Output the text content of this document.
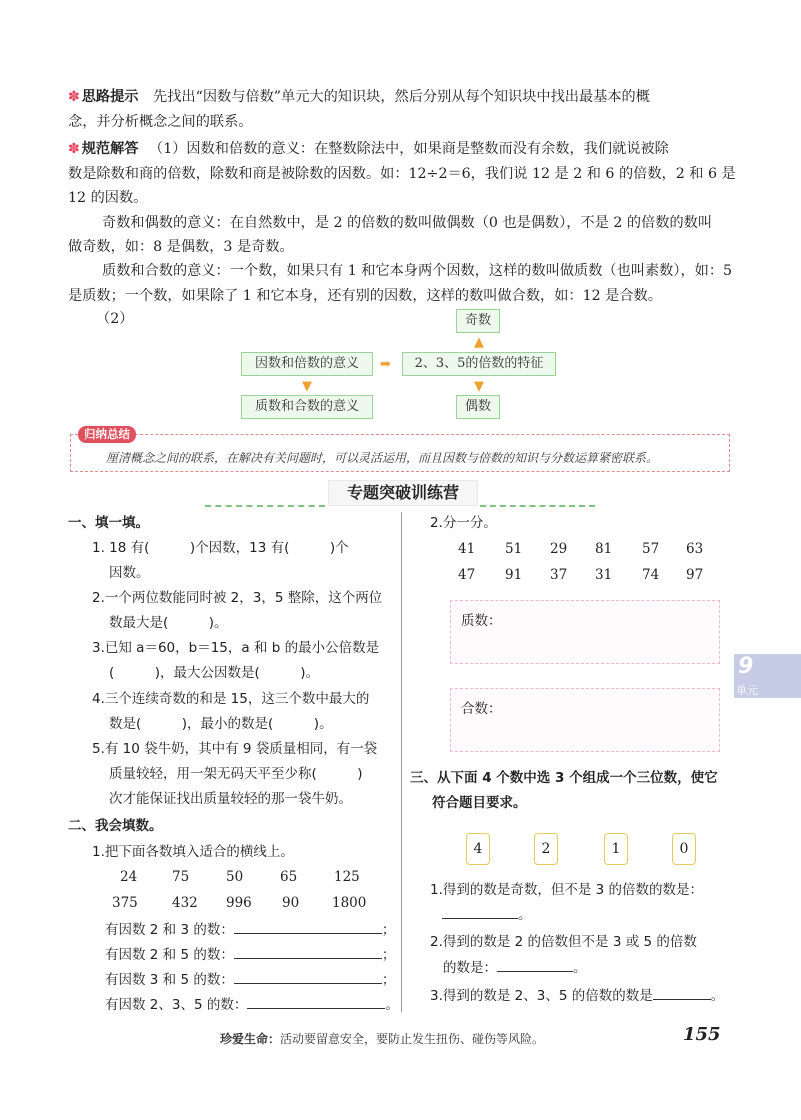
✽ 思路提示 先找出“因数与倍数”单元大的知识块，然后分别从每个知识块中找出最基本的概
念，并分析概念之间的联系。
✽ 规范解答 （1）因数和倍数的意义：在整数除法中，如果商是整数而没有余数，我们就说被除
数是除数和商的倍数，除数和商是被除数的因数。如：12÷2＝6，我们说 12 是 2 和 6 的倍数，2 和 6 是
12 的因数。
奇数和偶数的意义：在自然数中，是 2 的倍数的数叫做偶数（0 也是偶数），不是 2 的倍数的数叫
做奇数，如：8 是偶数，3 是奇数。
质数和合数的意义：一个数，如果只有 1 和它本身两个因数，这样的数叫做质数（也叫素数），如：5
是质数；一个数，如果除了 1 和它本身，还有别的因数，这样的数叫做合数，如：12 是合数。
（2）	奇数
▲
因数和倍数的意义	➡	2、3、5的倍数的特征
▼	▼
质数和合数的意义	偶数
归纳总结
厘清概念之间的联系，在解决有关问题时，可以灵活运用，而且因数与倍数的知识与分数运算紧密联系。
专题突破训练营
一、填一填。
1. 18 有(　　　)个因数，13 有(　　　)个
因数。
2.一个两位数能同时被 2，3，5 整除，这个两位
数最大是(　　　)。
3.已知 a＝60，b＝15，a 和 b 的最小公倍数是
(　　　)，最大公因数是(　　　)。
4.三个连续奇数的和是 15，这三个数中最大的
数是(　　　)，最小的数是(　　　)。
5.有 10 袋牛奶，其中有 9 袋质量相同，有一袋
质量较轻，用一架无码天平至少称(　　　)
次才能保证找出质量较轻的那一袋牛奶。
二、我会填数。
1.把下面各数填入适合的横线上。
24	75	50	65	125
375	432 996 90 1800
有因数 2 和 3 的数：	；
有因数 2 和 5 的数：	；
有因数 3 和 5 的数：	；
有因数 2、3、5 的数：	。
2.分一分。
41 51 29 81 57 63
47 91 37 31 74 97
质数：
合数：
三、从下面 4 个数中选 3 个组成一个三位数，使它
符合题目要求。
4	2	1	0
1.得到的数是奇数，但不是 3 的倍数的数是：
。
2.得到的数是 2 的倍数但不是 3 或 5 的倍数
的数是：	。
3.得到的数是 2、3、5 的倍数的数是	。
9
单元
珍爱生命：活动要留意安全，要防止发生扭伤、碰伤等风险。	155
